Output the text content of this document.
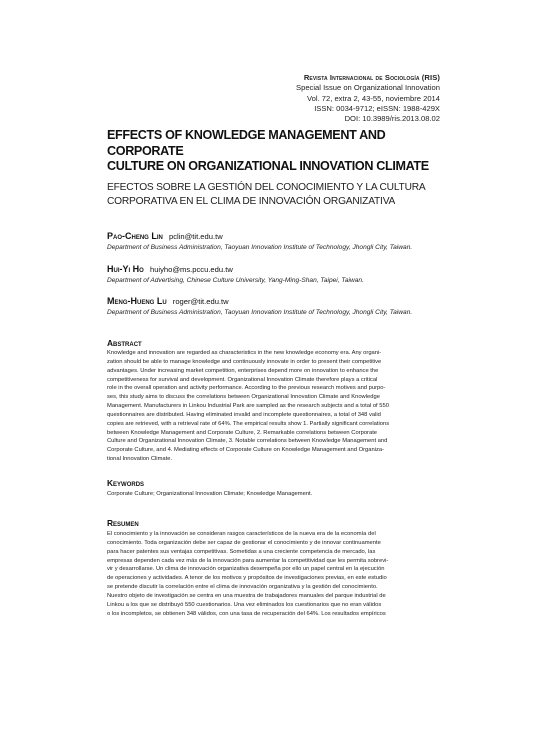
Revista Internacional de Sociología (RIS)
Special Issue on Organizational Innovation
Vol. 72, extra 2, 43-55, noviembre 2014
ISSN: 0034-9712; eISSN: 1988-429X
DOI: 10.3989/ris.2013.08.02
EFFECTS OF KNOWLEDGE MANAGEMENT AND CORPORATE
CULTURE ON ORGANIZATIONAL INNOVATION CLIMATE
EFECTOS SOBRE LA GESTIÓN DEL CONOCIMIENTO Y LA CULTURA
CORPORATIVA EN EL CLIMA DE INNOVACIÓN ORGANIZATIVA
Pao-Cheng Lin pclin@tit.edu.tw
Department of Business Administration, Taoyuan Innovation Institute of Technology, Jhongli City, Taiwan.
Hui-Yi Ho huiyho@ms.pccu.edu.tw
Department of Advertising, Chinese Culture University, Yang-Ming-Shan, Taipei, Taiwan.
Meng-Hueng Lu roger@tit.edu.tw
Department of Business Administration, Taoyuan Innovation Institute of Technology, Jhongli City, Taiwan.
Abstract
Knowledge and innovation are regarded as characteristics in the new knowledge economy era. Any organi-
zation should be able to manage knowledge and continuously innovate in order to present their competitive
advantages. Under increasing market competition, enterprises depend more on innovation to enhance the
competitiveness for survival and development. Organizational Innovation Climate therefore plays a critical
role in the overall operation and activity performance. According to the previous research motives and purpo-
ses, this study aims to discuss the correlations between Organizational Innovation Climate and Knowledge
Management. Manufacturers in Linkou Industrial Park are sampled as the research subjects and a total of 550
questionnaires are distributed. Having eliminated invalid and incomplete questionnaires, a total of 348 valid
copies are retrieved, with a retrieval rate of 64%. The empirical results show 1. Partially significant correlations
between Knowledge Management and Corporate Culture, 2. Remarkable correlations between Corporate
Culture and Organizational Innovation Climate, 3. Notable correlations between Knowledge Management and
Corporate Culture, and 4. Mediating effects of Corporate Culture on Knowledge Management and Organiza-
tional Innovation Climate.
Keywords
Corporate Culture; Organizational Innovation Climate; Knowledge Management.
Resumen
El conocimiento y la innovación se consideran rasgos característicos de la nueva era de la economía del
conocimiento. Toda organización debe ser capaz de gestionar el conocimiento y de innovar continuamente
para hacer patentes sus ventajas competitivas. Sometidas a una creciente competencia de mercado, las
empresas dependen cada vez más de la innovación para aumentar la competitividad que les permita sobrevi-
vir y desarrollarse. Un clima de innovación organizativa desempeña por ello un papel central en la ejecución
de operaciones y actividades. A tenor de los motivos y propósitos de investigaciones previas, en este estudio
se pretende discutir la correlación entre el clima de innovación organizativa y la gestión del conocimiento.
Nuestro objeto de investigación se centra en una muestra de trabajadores manuales del parque industrial de
Linkou a los que se distribuyó 550 cuestionarios. Una vez eliminados los cuestionarios que no eran válidos
o los incompletos, se obtienen 348 válidos, con una tasa de recuperación del 64%. Los resultados empíricos
